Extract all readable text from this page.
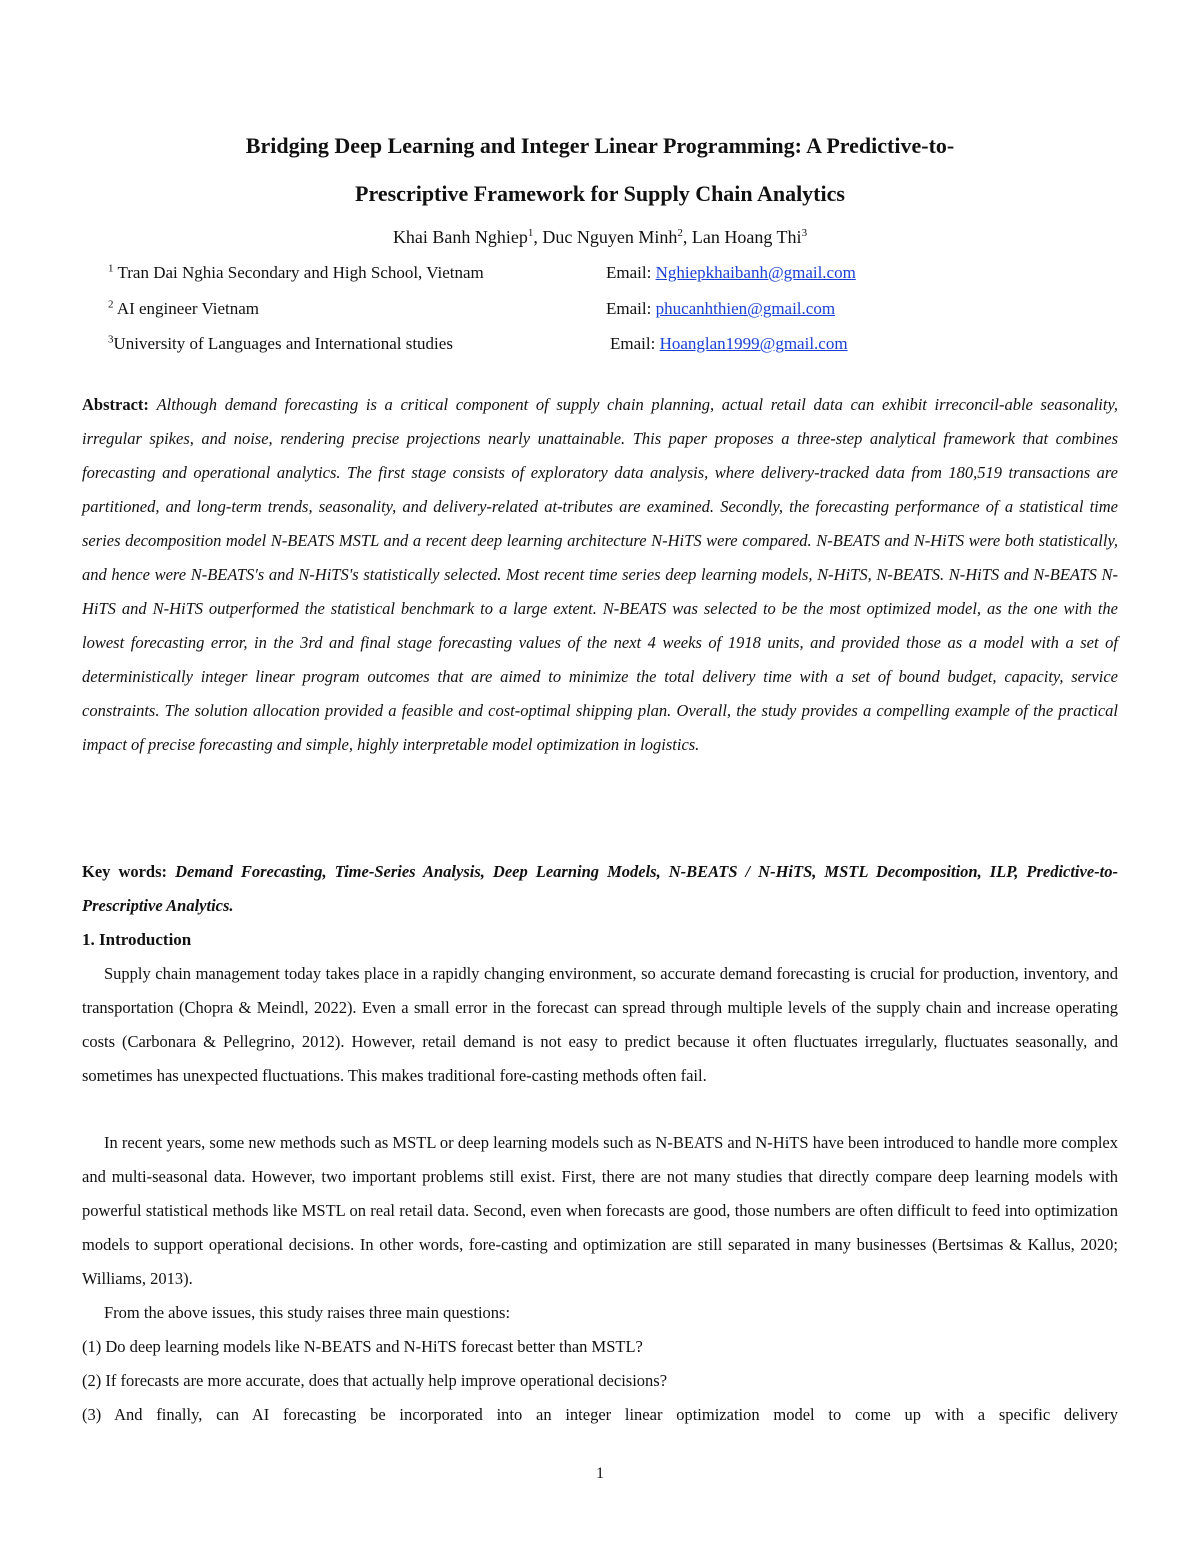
Bridging Deep Learning and Integer Linear Programming: A Predictive-to-
Prescriptive Framework for Supply Chain Analytics
Khai Banh Nghiep$^1$, Duc Nguyen Minh$^2$, Lan Hoang Thi$^3$
$^1$ Tran Dai Nghia Secondary and High School, Vietnam	Email: Nghiepkhaibanh@gmail.com
$^2$ AI engineer Vietnam	Email: phucanhthien@gmail.com
$^3$University of Languages and International studies	Email: Hoanglan1999@gmail.com

Abstract: Although demand forecasting is a critical component of supply chain planning, actual retail data can exhibit irreconcil-able seasonality, irregular spikes, and noise, rendering precise projections nearly unattainable. This paper proposes a three-step analytical framework that combines forecasting and operational analytics. The first stage consists of exploratory data analysis, where delivery-tracked data from 180,519 transactions are partitioned, and long-term trends, seasonality, and delivery-related at-tributes are examined. Secondly, the forecasting performance of a statistical time series decomposition model N-BEATS MSTL and a recent deep learning architecture N-HiTS were compared. N-BEATS and N-HiTS were both statistically, and hence were N-BEATS's and N-HiTS's statistically selected. Most recent time series deep learning models, N-HiTS, N-BEATS. N-HiTS and N-BEATS N-HiTS and N-HiTS outperformed the statistical benchmark to a large extent. N-BEATS was selected to be the most optimized model, as the one with the lowest forecasting error, in the 3rd and final stage forecasting values of the next 4 weeks of 1918 units, and provided those as a model with a set of deterministically integer linear program outcomes that are aimed to minimize the total delivery time with a set of bound budget, capacity, service constraints. The solution allocation provided a feasible and cost-optimal shipping plan. Overall, the study provides a compelling example of the practical impact of precise forecasting and simple, highly interpretable model optimization in logistics.

Key words: Demand Forecasting, Time-Series Analysis, Deep Learning Models, N-BEATS / N-HiTS, MSTL Decomposition, ILP, Predictive-to-Prescriptive Analytics.

1. Introduction

Supply chain management today takes place in a rapidly changing environment, so accurate demand forecasting is crucial for production, inventory, and transportation (Chopra & Meindl, 2022). Even a small error in the forecast can spread through multiple levels of the supply chain and increase operating costs (Carbonara & Pellegrino, 2012). However, retail demand is not easy to predict because it often fluctuates irregularly, fluctuates seasonally, and sometimes has unexpected fluctuations. This makes traditional fore-casting methods often fail.

In recent years, some new methods such as MSTL or deep learning models such as N-BEATS and N-HiTS have been introduced to handle more complex and multi-seasonal data. However, two important problems still exist. First, there are not many studies that directly compare deep learning models with powerful statistical methods like MSTL on real retail data. Second, even when forecasts are good, those numbers are often difficult to feed into optimization models to support operational decisions. In other words, fore-casting and optimization are still separated in many businesses (Bertsimas & Kallus, 2020; Williams, 2013).

From the above issues, this study raises three main questions:

(1) Do deep learning models like N-BEATS and N-HiTS forecast better than MSTL?

(2) If forecasts are more accurate, does that actually help improve operational decisions?

(3) And finally, can AI forecasting be incorporated into an integer linear optimization model to come up with a specific delivery

1
